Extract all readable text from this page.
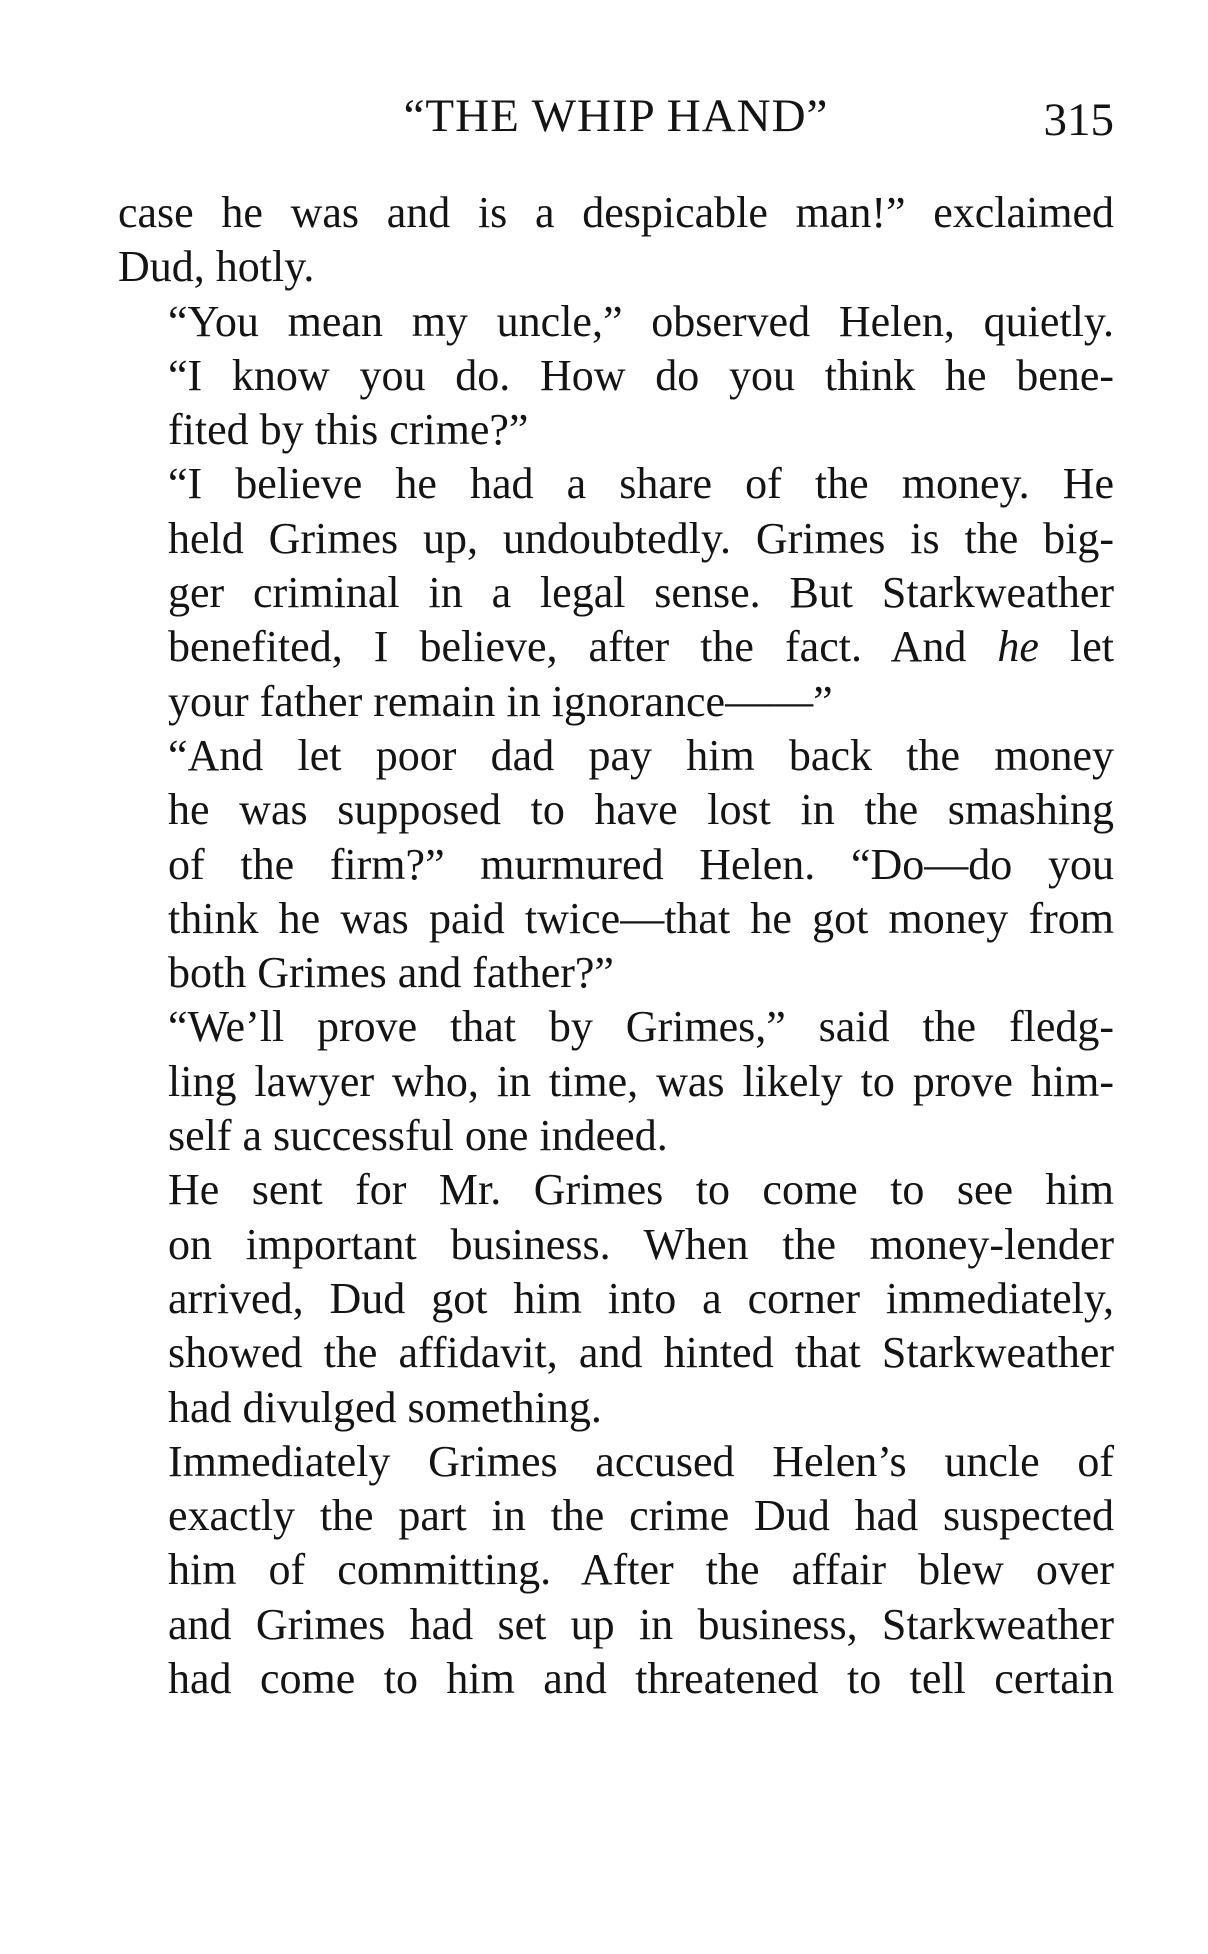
“THE WHIP HAND”	315

case he was and is a despicable man!” exclaimed
Dud, hotly.

“You mean my uncle,” observed Helen, quietly.
“I know you do. How do you think he bene-
fited by this crime?”

“I believe he had a share of the money. He
held Grimes up, undoubtedly. Grimes is the big-
ger criminal in a legal sense. But Starkweather
benefited, I believe, after the fact. And he let
your father remain in ignorance——”

“And let poor dad pay him back the money
he was supposed to have lost in the smashing
of the firm?” murmured Helen. “Do—do you
think he was paid twice—that he got money from
both Grimes and father?”

“We’ll prove that by Grimes,” said the fledg-
ling lawyer who, in time, was likely to prove him-
self a successful one indeed.

He sent for Mr. Grimes to come to see him
on important business. When the money-lender
arrived, Dud got him into a corner immediately,
showed the affidavit, and hinted that Starkweather
had divulged something.

Immediately Grimes accused Helen’s uncle of
exactly the part in the crime Dud had suspected
him of committing. After the affair blew over
and Grimes had set up in business, Starkweather
had come to him and threatened to tell certain
